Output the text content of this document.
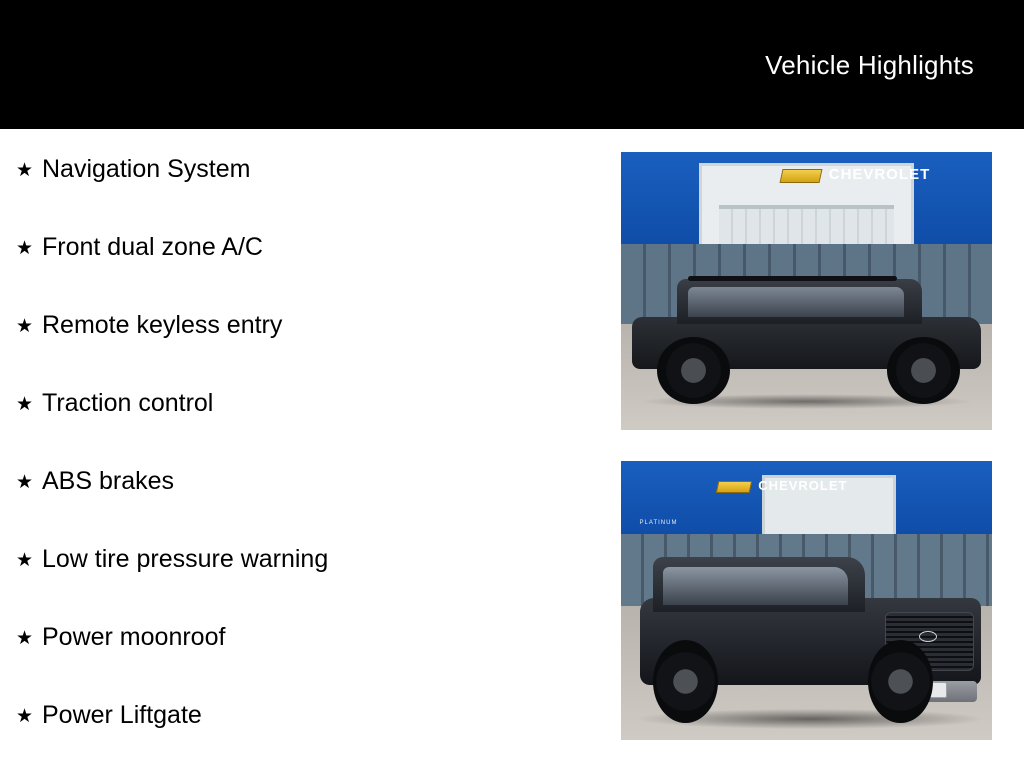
Vehicle Highlights
★ Navigation System
★ Front dual zone A/C
★ Remote keyless entry
★ Traction control
★ ABS brakes
★ Low tire pressure warning
★ Power moonroof
★ Power Liftgate
CHEVROLET
CHEVROLET
PLATINUM
